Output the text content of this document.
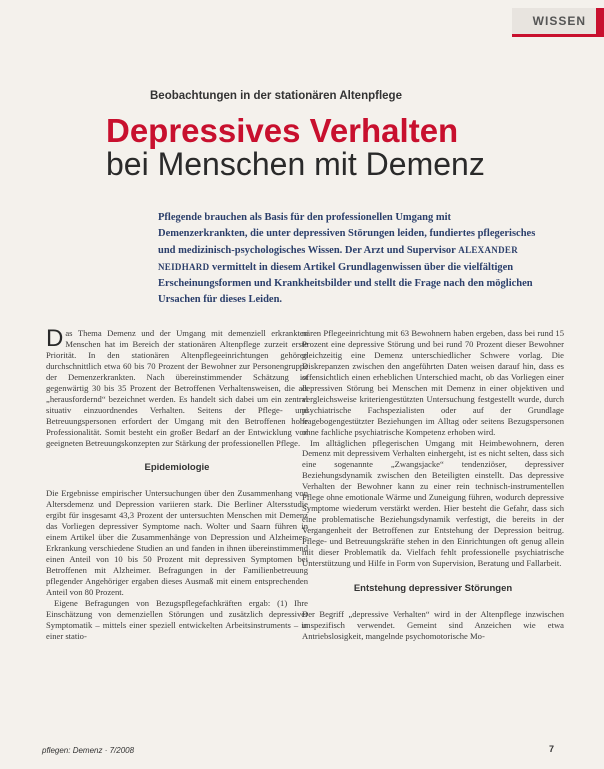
WISSEN
Beobachtungen in der stationären Altenpflege
Depressives Verhalten
bei Menschen mit Demenz
Pflegende brauchen als Basis für den professionellen Umgang mit Demenzerkrankten, die unter depressiven Störungen leiden, fundiertes pflegerisches und medizinisch-psychologisches Wissen. Der Arzt und Supervisor ALEXANDER NEIDHARD vermittelt in diesem Artikel Grundlagenwissen über die vielfältigen Erscheinungsformen und Krankheitsbilder und stellt die Frage nach den möglichen Ursachen für dieses Leiden.

Das Thema Demenz und der Umgang mit demenziell erkrankten Menschen hat im Bereich der stationären Altenpflege zurzeit erste Priorität. In den stationären Altenpflegeeinrichtungen gehören durchschnittlich etwa 60 bis 70 Prozent der Bewohner zur Personengruppe der Demenzerkrankten. Nach übereinstimmender Schätzung ist gegenwärtig 30 bis 35 Prozent der Betroffenen Verhaltensweisen, die als „herausfordernd“ bezeichnet werden. Es handelt sich dabei um ein zentral situativ einzuordnendes Verhalten. Seitens der Pflege- und Betreuungspersonen erfordert der Umgang mit den Betroffenen hohe Professionalität. Somit besteht ein großer Bedarf an der Entwicklung von geeigneten Betreuungskonzepten zur Stärkung der professionellen Pflege.

Epidemiologie

Die Ergebnisse empirischer Untersuchungen über den Zusammenhang von Altersdemenz und Depression variieren stark. Die Berliner Altersstudie ergibt für insgesamt 43,3 Prozent der untersuchten Menschen mit Demenz das Vorliegen depressiver Symptome nach. Wolter und Saarn führen in einem Artikel über die Zusammenhänge von Depression und Alzheimer-Erkrankung verschiedene Studien an und fanden in ihnen übereinstimmend einen Anteil von 10 bis 50 Prozent mit depressiven Symptomen bei Betroffenen mit Alzheimer. Befragungen in der Familienbetreuung pflegender Angehöriger ergaben dieses Ausmaß mit einem entsprechenden Anteil von 80 Prozent.

Eigene Befragungen von Bezugspflegefachkräften ergab: (1) Ihre Einschätzung von demenziellen Störungen und zusätzlich depressiver Symptomatik – mittels einer speziell entwickelten Arbeitsinstruments – in einer statio-

nären Pflegeeinrichtung mit 63 Bewohnern haben ergeben, dass bei rund 15 Prozent eine depressive Störung und bei rund 70 Prozent dieser Bewohner gleichzeitig eine Demenz unterschiedlicher Schwere vorlag. Die Diskrepanzen zwischen den angeführten Daten weisen darauf hin, dass es offensichtlich einen erheblichen Unterschied macht, ob das Vorliegen einer depressiven Störung bei Menschen mit Demenz in einer objektiven und vergleichsweise kriteriengestützten Untersuchung festgestellt wurde, durch psychiatrische Fachspezialisten oder auf der Grundlage fragebogengestützter Beziehungen im Alltag oder seitens Bezugspersonen ohne fachliche psychiatrische Kompetenz erhoben wird.

Im alltäglichen pflegerischen Umgang mit Heimbewohnern, deren Demenz mit depressivem Verhalten einhergeht, ist es nicht selten, dass sich eine sogenannte „Zwangsjacke“ tendenziöser, depressiver Beziehungsdynamik zwischen den Beteiligten einstellt. Das depressive Verhalten der Bewohner kann zu einer rein technisch-instrumentellen Pflege ohne emotionale Wärme und Zuneigung führen, wodurch depressive Symptome wiederum verstärkt werden. Hier besteht die Gefahr, dass sich eine problematische Beziehungsdynamik verfestigt, die bereits in der Vergangenheit der Betroffenen zur Entstehung der Depression beitrug. Pflege- und Betreuungskräfte stehen in den Einrichtungen oft genug allein mit dieser Problematik da. Vielfach fehlt professionelle psychiatrische Unterstützung und Hilfe in Form von Supervision, Beratung und Fallarbeit.

Entstehung depressiver Störungen

Der Begriff „depressive Verhalten“ wird in der Altenpflege inzwischen unspezifisch verwendet. Gemeint sind Anzeichen wie etwa Antriebslosigkeit, mangelnde psychomotorische Mo-

pflegen: Demenz · 7/2008	7
